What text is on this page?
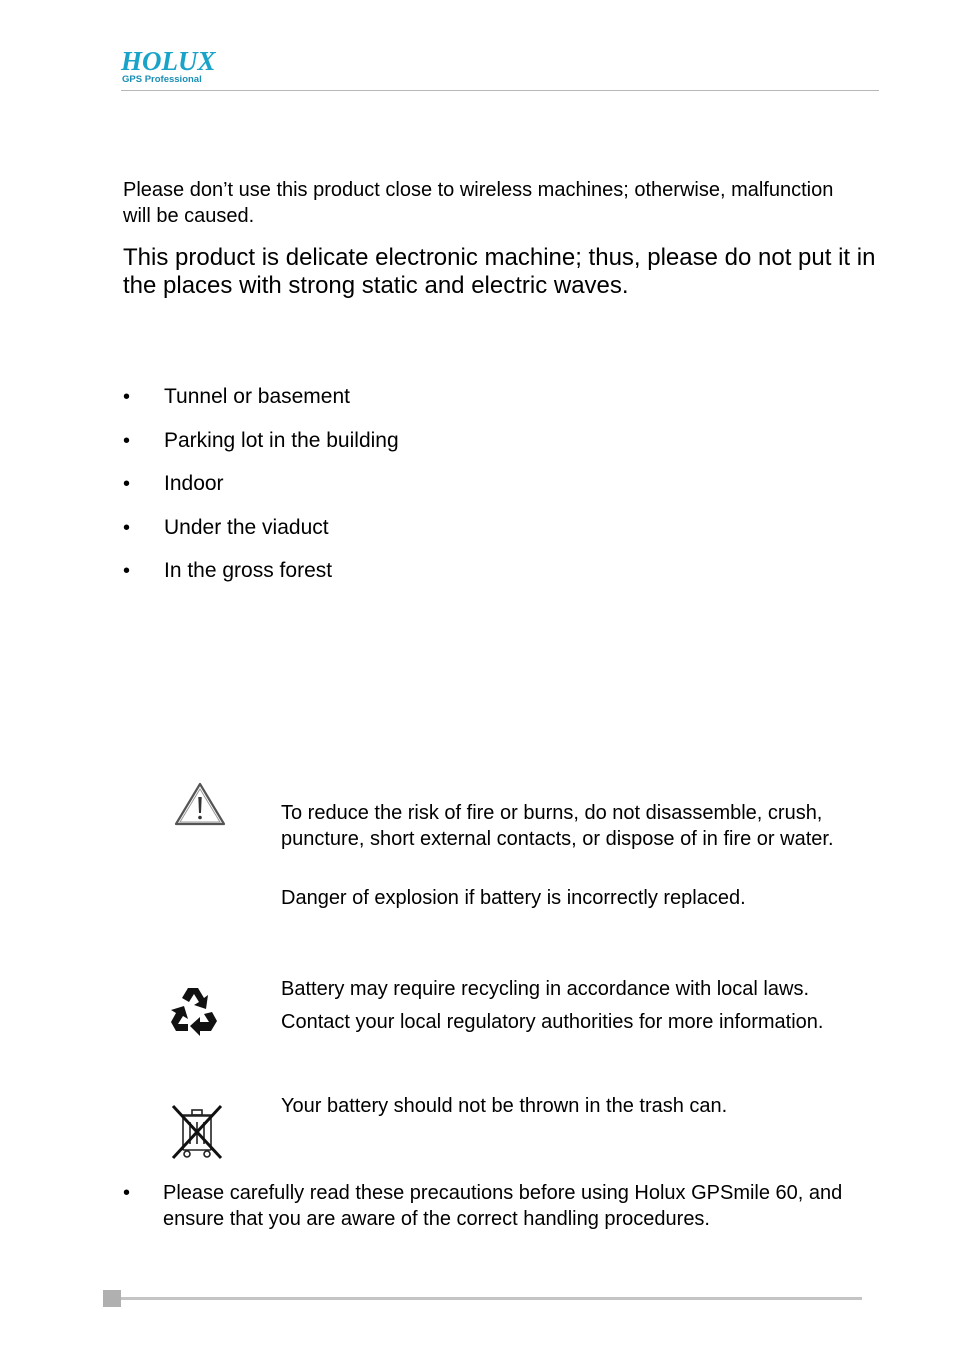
HOLUX
GPS Professional

Please don’t use this product close to wireless machines; otherwise, malfunction will be caused.

This product is delicate electronic machine; thus, please do not put it in the places with strong static and electric waves.

•	Tunnel or basement
•	Parking lot in the building
•	Indoor
•	Under the viaduct
•	In the gross forest

To reduce the risk of fire or burns, do not disassemble, crush, puncture, short external contacts, or dispose of in fire or water.

Danger of explosion if battery is incorrectly replaced.

Battery may require recycling in accordance with local laws.

Contact your local regulatory authorities for more information.

Your battery should not be thrown in the trash can.

•	Please carefully read these precautions before using Holux GPSmile 60, and ensure that you are aware of the correct handling procedures.
